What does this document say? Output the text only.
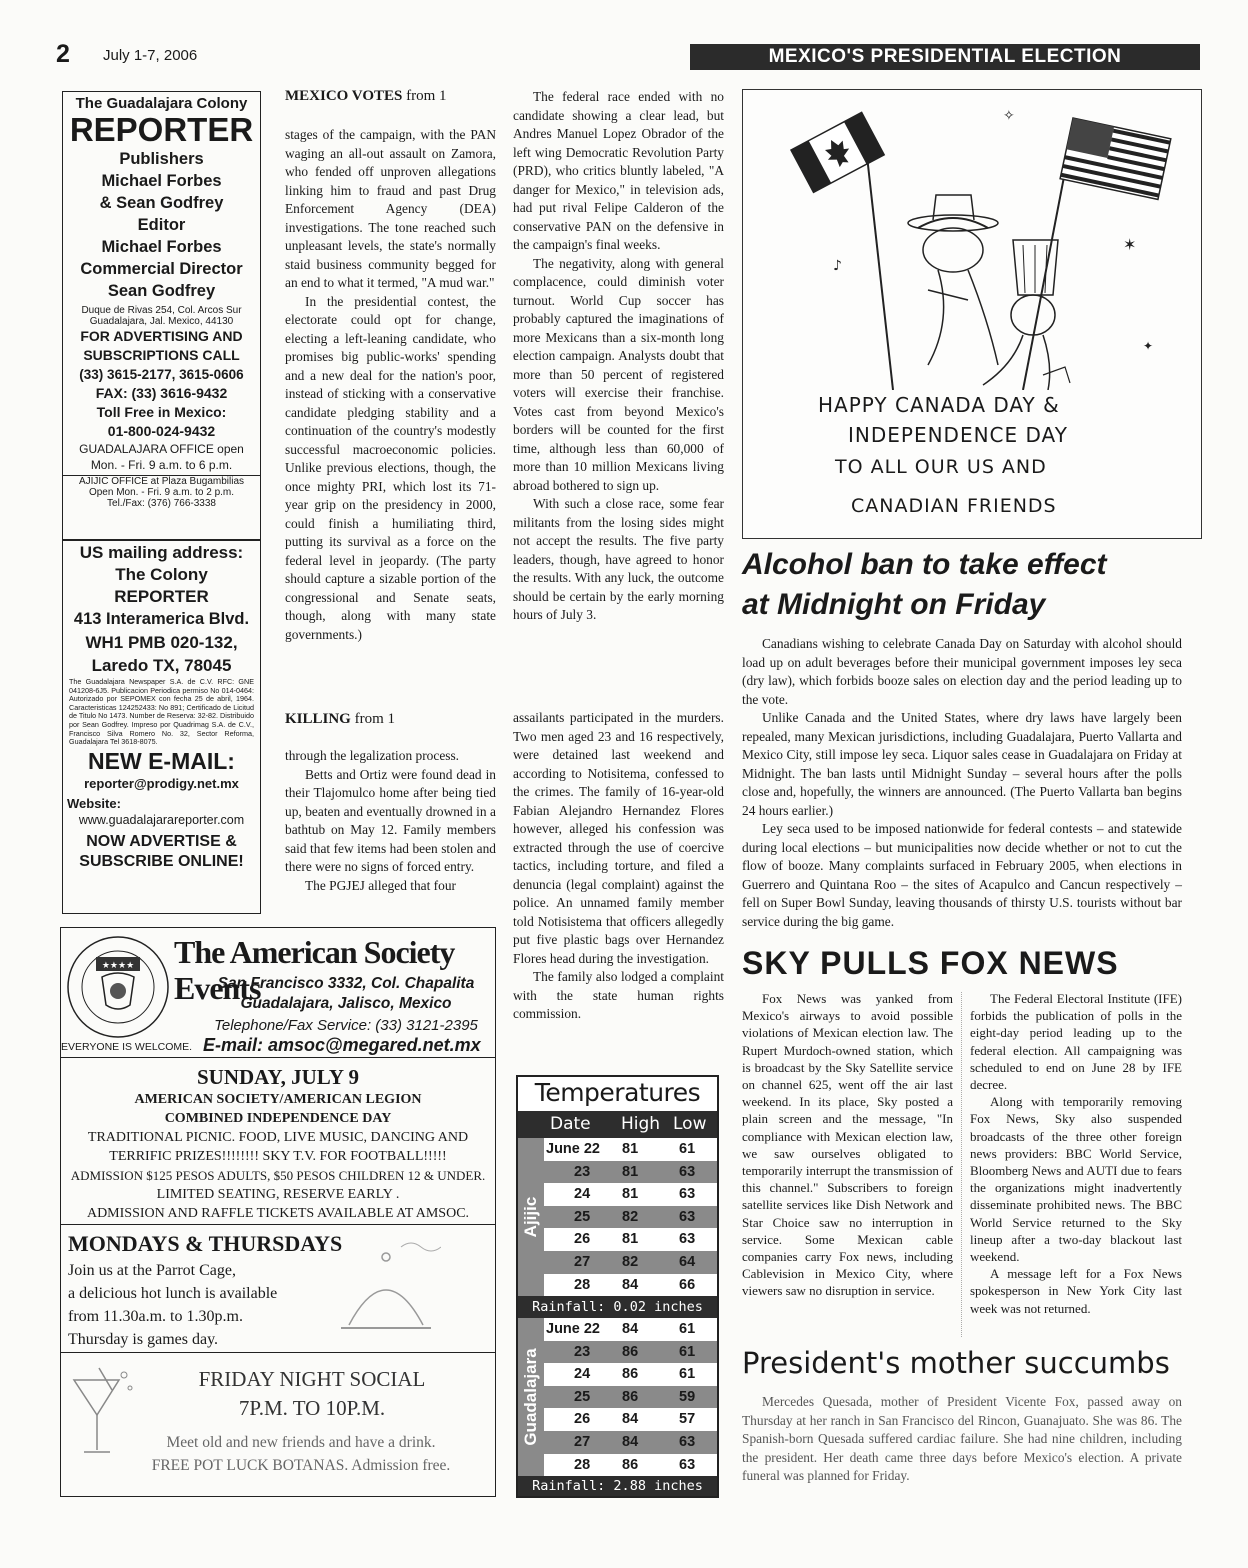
2 July 1-7, 2006	MEXICO'S PRESIDENTIAL ELECTION
The Guadalajara Colony
REPORTER
Publishers
Michael Forbes
& Sean Godfrey
Editor
Michael Forbes
Commercial Director
Sean Godfrey
Duque de Rivas 254, Col. Arcos Sur
Guadalajara, Jal. Mexico, 44130
FOR ADVERTISING AND
SUBSCRIPTIONS CALL
(33) 3615-2177, 3615-0606
FAX: (33) 3616-9432
Toll Free in Mexico:
01-800-024-9432
GUADALAJARA OFFICE open
Mon. - Fri. 9 a.m. to 6 p.m.
AJIJIC OFFICE at Plaza Bugambilias
Open Mon. - Fri. 9 a.m. to 2 p.m.
Tel./Fax: (376) 766-3338
US mailing address:
The Colony
REPORTER
413 Interamerica Blvd.
WH1 PMB 020-132,
Laredo TX, 78045
The Guadalajara Newspaper S.A. de C.V. RFC: GNE 041208-6J5. Publicacion Periodica permiso No 014-0464: Autorizado por SEPOMEX con fecha 25 de abril, 1964. Caracteristicas 124252433: No 891; Certificado de Licitud de Titulo No 1473. Number de Reserva: 32-82. Distribuido por Sean Godfrey. Impreso por Quadrimag S.A. de C.V., Francisco Silva Romero No. 32, Sector Reforma, Guadalajara Tel 3618-8075.
NEW E-MAIL:
reporter@prodigy.net.mx
Website:
www.guadalajarareporter.com
NOW ADVERTISE &
SUBSCRIBE ONLINE!
MEXICO VOTES from 1

stages of the campaign, with the PAN waging an all-out assault on Zamora, who fended off unproven allegations linking him to fraud and past Drug Enforcement Agency (DEA) investigations. The tone reached such unpleasant levels, the state's normally staid business community begged for an end to what it termed, "A mud war."

In the presidential contest, the electorate could opt for change, electing a left-leaning candidate, who promises big public-works' spending and a new deal for the nation's poor, instead of sticking with a conservative candidate pledging stability and a continuation of the country's modestly successful macroeconomic policies. Unlike previous elections, though, the once mighty PRI, which lost its 71-year grip on the presidency in 2000, could finish a humiliating third, putting its survival as a force on the federal level in jeopardy. (The party should capture a sizable portion of the congressional and Senate seats, though, along with many state governments.)

The federal race ended with no candidate showing a clear lead, but Andres Manuel Lopez Obrador of the left wing Democratic Revolution Party (PRD), who critics bluntly labeled, "A danger for Mexico," in television ads, had put rival Felipe Calderon of the conservative PAN on the defensive in the campaign's final weeks.

The negativity, along with general complacence, could diminish voter turnout. World Cup soccer has probably captured the imaginations of more Mexicans than a six-month long election campaign. Analysts doubt that more than 50 percent of registered voters will exercise their franchise. Votes cast from beyond Mexico's borders will be counted for the first time, although less than 60,000 of more than 10 million Mexicans living abroad bothered to sign up.

With such a close race, some fear militants from the losing sides might not accept the results. The five party leaders, though, have agreed to honor the results. With any luck, the outcome should be certain by the early morning hours of July 3.

KILLING from 1

through the legalization process.

Betts and Ortiz were found dead in their Tlajomulco home after being tied up, beaten and eventually drowned in a bathtub on May 12. Family members said that few items had been stolen and there were no signs of forced entry.

The PGJEJ alleged that four

assailants participated in the murders. Two men aged 23 and 16 respectively, were detained last weekend and according to Notisitema, confessed to the crimes. The family of 16-year-old Fabian Alejandro Hernandez Flores however, alleged his confession was extracted through the use of coercive tactics, including torture, and filed a denuncia (legal complaint) against the police. An unnamed family member told Notisistema that officers allegedly put five plastic bags over Hernandez Flores head during the investigation.

The family also lodged a complaint with the state human rights commission.

♪
✶
✧
✦
HAPPY CANADA DAY &
INDEPENDENCE DAY
TO ALL OUR US AND
CANADIAN FRIENDS
Alcohol ban to take effect
at Midnight on Friday

Canadians wishing to celebrate Canada Day on Saturday with alcohol should load up on adult beverages before their municipal government imposes ley seca (dry law), which forbids booze sales on election day and the period leading up to the vote.

Unlike Canada and the United States, where dry laws have largely been repealed, many Mexican jurisdictions, including Guadalajara, Puerto Vallarta and Mexico City, still impose ley seca. Liquor sales cease in Guadalajara on Friday at Midnight. The ban lasts until Midnight Sunday – several hours after the polls close and, hopefully, the winners are announced. (The Puerto Vallarta ban begins 24 hours earlier.)

Ley seca used to be imposed nationwide for federal contests – and statewide during local elections – but municipalities now decide whether or not to cut the flow of booze. Many complaints surfaced in February 2005, when elections in Guerrero and Quintana Roo – the sites of Acapulco and Cancun respectively – fell on Super Bowl Sunday, leaving thousands of thirsty U.S. tourists without bar service during the big game.

SKY PULLS FOX NEWS

Fox News was yanked from Mexico's airways to avoid possible violations of Mexican election law. The Rupert Murdoch-owned station, which is broadcast by the Sky Satellite service on channel 625, went off the air last weekend. In its place, Sky posted a plain screen and the message, "In compliance with Mexican election law, we saw ourselves obligated to temporarily interrupt the transmission of this channel." Subscribers to foreign satellite services like Dish Network and Star Choice saw no interruption in service. Some Mexican cable companies carry Fox news, including Cablevision in Mexico City, where viewers saw no disruption in service.

The Federal Electoral Institute (IFE) forbids the publication of polls in the eight-day period leading up to the federal election. All campaigning was scheduled to end on June 28 by IFE decree.

Along with temporarily removing Fox News, Sky also suspended broadcasts of the three other foreign news providers: BBC World Service, Bloomberg News and AUTI due to fears the organizations might inadvertently disseminate prohibited news. The BBC World Service returned to the Sky lineup after a two-day blackout last weekend.

A message left for a Fox News spokesperson in New York City last week was not returned.

President's mother succumbs

Mercedes Quesada, mother of President Vicente Fox, passed away on Thursday at her ranch in San Francisco del Rincon, Guanajuato. She was 86. The Spanish-born Quesada suffered cardiac failure. She had nine children, including the president. Her death came three days before Mexico's election. A private funeral was planned for Friday.

★★★★
EVERYONE IS WELCOME.
The American Society Events
San Francisco 3332, Col. Chapalita
Guadalajara, Jalisco, Mexico
Telephone/Fax Service: (33) 3121-2395
E-mail: amsoc@megared.net.mx
SUNDAY, JULY 9
AMERICAN SOCIETY/AMERICAN LEGION
COMBINED INDEPENDENCE DAY
TRADITIONAL PICNIC. FOOD, LIVE MUSIC, DANCING AND
TERRIFIC PRIZES!!!!!!!! SKY T.V. FOR FOOTBALL!!!!!
ADMISSION $125 PESOS ADULTS, $50 PESOS CHILDREN 12 & UNDER.
LIMITED SEATING, RESERVE EARLY .
ADMISSION AND RAFFLE TICKETS AVAILABLE AT AMSOC.
MONDAYS & THURSDAYS
Join us at the Parrot Cage,
a delicious hot lunch is available
from 11.30a.m. to 1.30p.m.
Thursday is games day.
FRIDAY NIGHT SOCIAL
7P.M. TO 10P.M.
Meet old and new friends and have a drink.
FREE POT LUCK BOTANAS. Admission free.
Temperatures
Date High Low
Ajijic
June 22 81	61
23 81	63
24 81	63
25 82	63
26 81	63
27 82	64
28 84	66
Rainfall: 0.02 inches
Guadalajara
June 22 84	61
23 86	61
24 86	61
25 86	59
26 84	57
27 84	63
28 86	63
Rainfall: 2.88 inches
